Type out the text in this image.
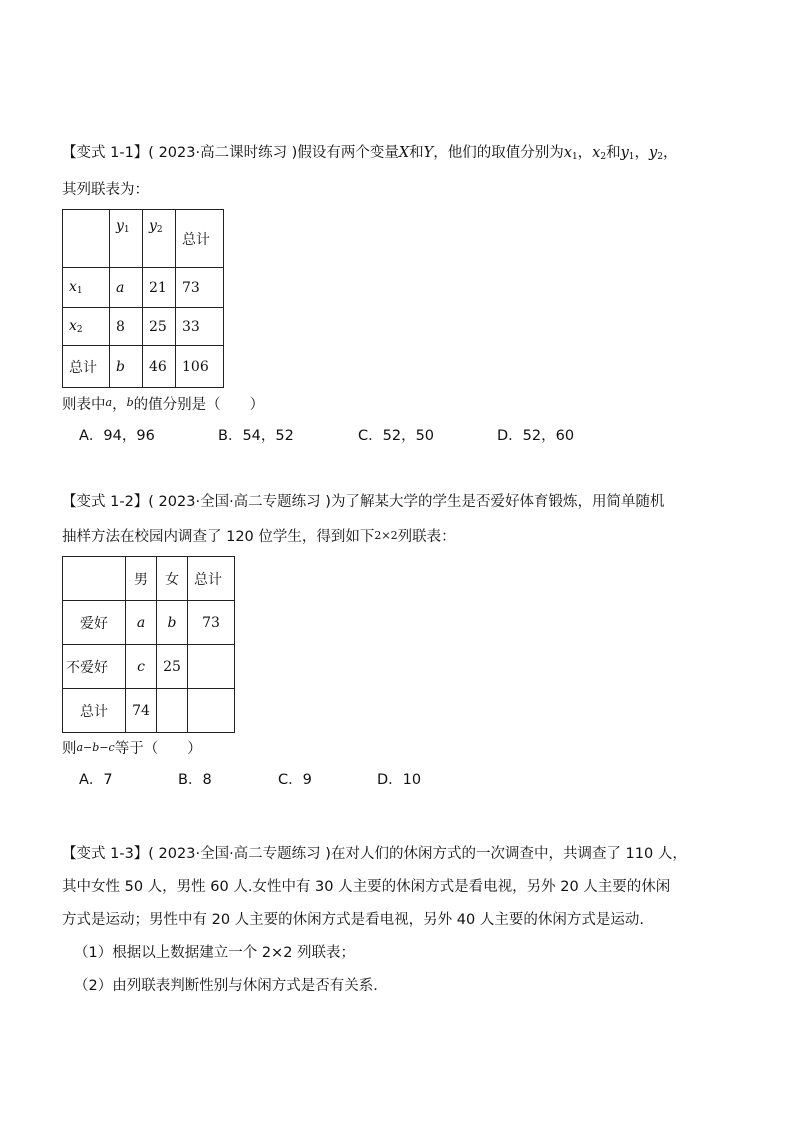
【变式 1-1】( 2023·高二课时练习 )假设有两个变量X和Y，他们的取值分别为$x_1$，$x_2$和$y_1$，$y_2$，
其列联表为：
	$y_1$	$y_2$	总计
$x_1$	a	21	73
$x_2$	8	25	33
总计	b	46	106
则表中$^a$，$^b$的值分别是（　　）
A．94，96	B．54，52	C．52，50	D．52，60
【变式 1-2】( 2023·全国·高二专题练习 )为了解某大学的学生是否爱好体育锻炼，用简单随机
抽样方法在校园内调查了 120 位学生，得到如下2×2列联表：
	男	女	总计
爱好	a	b	73
不爱好	c	25	
总计	74		
则a−b−c等于（　　）
A．7	B．8	C．9	D．10
【变式 1-3】( 2023·全国·高二专题练习 )在对人们的休闲方式的一次调查中，共调查了 110 人，
其中女性 50 人，男性 60 人.女性中有 30 人主要的休闲方式是看电视，另外 20 人主要的休闲
方式是运动；男性中有 20 人主要的休闲方式是看电视，另外 40 人主要的休闲方式是运动.
（1）根据以上数据建立一个 2×2 列联表；
（2）由列联表判断性别与休闲方式是否有关系.
